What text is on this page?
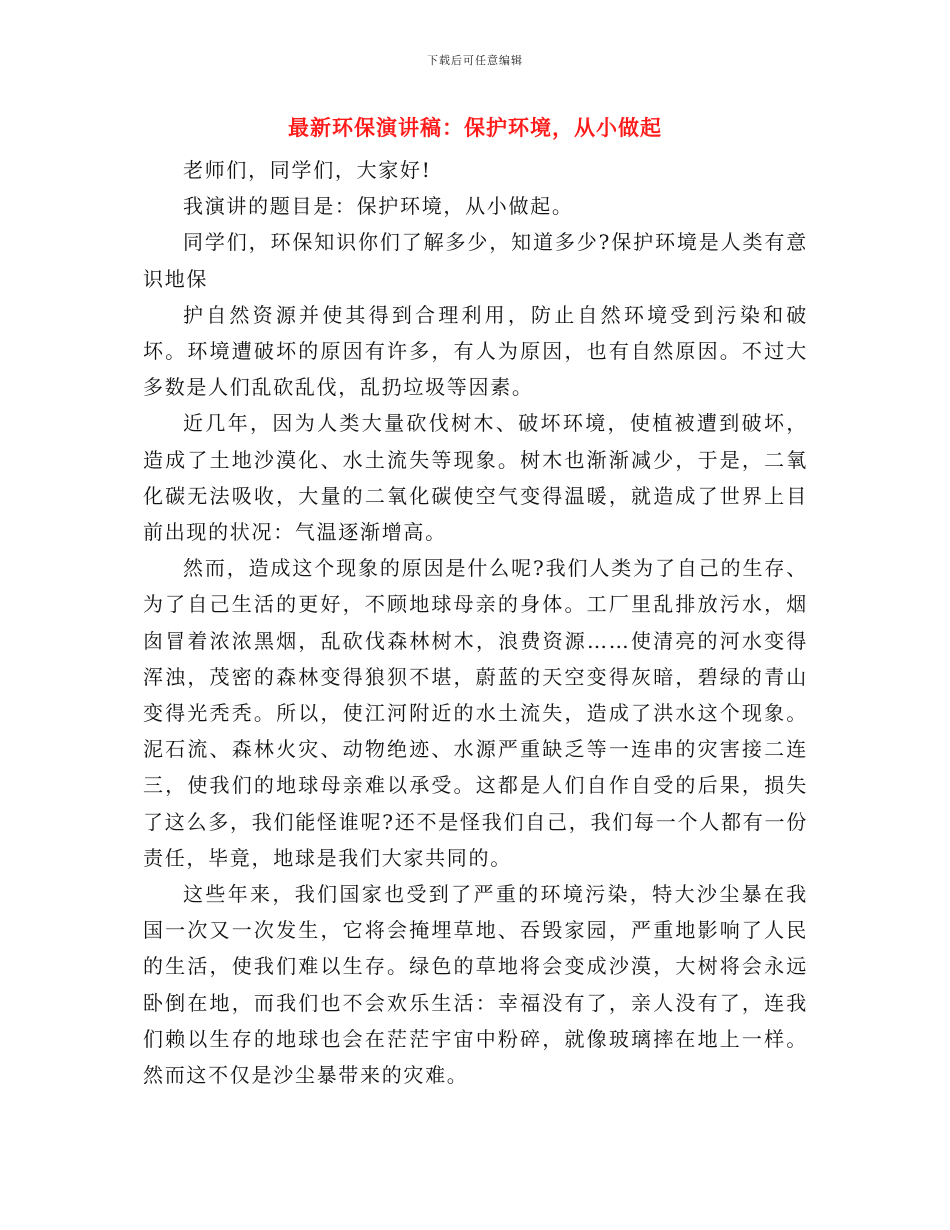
下载后可任意编辑
最新环保演讲稿：保护环境，从小做起

老师们，同学们，大家好!

我演讲的题目是：保护环境，从小做起。

同学们，环保知识你们了解多少，知道多少?保护环境是人类有意识地保

护自然资源并使其得到合理利用，防止自然环境受到污染和破坏。环境遭破坏的原因有许多，有人为原因，也有自然原因。不过大多数是人们乱砍乱伐，乱扔垃圾等因素。

近几年，因为人类大量砍伐树木、破坏环境，使植被遭到破坏，造成了土地沙漠化、水土流失等现象。树木也渐渐减少，于是，二氧化碳无法吸收，大量的二氧化碳使空气变得温暖，就造成了世界上目前出现的状况：气温逐渐增高。

然而，造成这个现象的原因是什么呢?我们人类为了自己的生存、为了自己生活的更好，不顾地球母亲的身体。工厂里乱排放污水，烟囱冒着浓浓黑烟，乱砍伐森林树木，浪费资源……使清亮的河水变得浑浊，茂密的森林变得狼狈不堪，蔚蓝的天空变得灰暗，碧绿的青山变得光秃秃。所以，使江河附近的水土流失，造成了洪水这个现象。泥石流、森林火灾、动物绝迹、水源严重缺乏等一连串的灾害接二连三，使我们的地球母亲难以承受。这都是人们自作自受的后果，损失了这么多，我们能怪谁呢?还不是怪我们自己，我们每一个人都有一份责任，毕竟，地球是我们大家共同的。

这些年来，我们国家也受到了严重的环境污染，特大沙尘暴在我国一次又一次发生，它将会掩埋草地、吞毁家园，严重地影响了人民的生活，使我们难以生存。绿色的草地将会变成沙漠，大树将会永远卧倒在地，而我们也不会欢乐生活：幸福没有了，亲人没有了，连我们赖以生存的地球也会在茫茫宇宙中粉碎，就像玻璃摔在地上一样。然而这不仅是沙尘暴带来的灾难。
